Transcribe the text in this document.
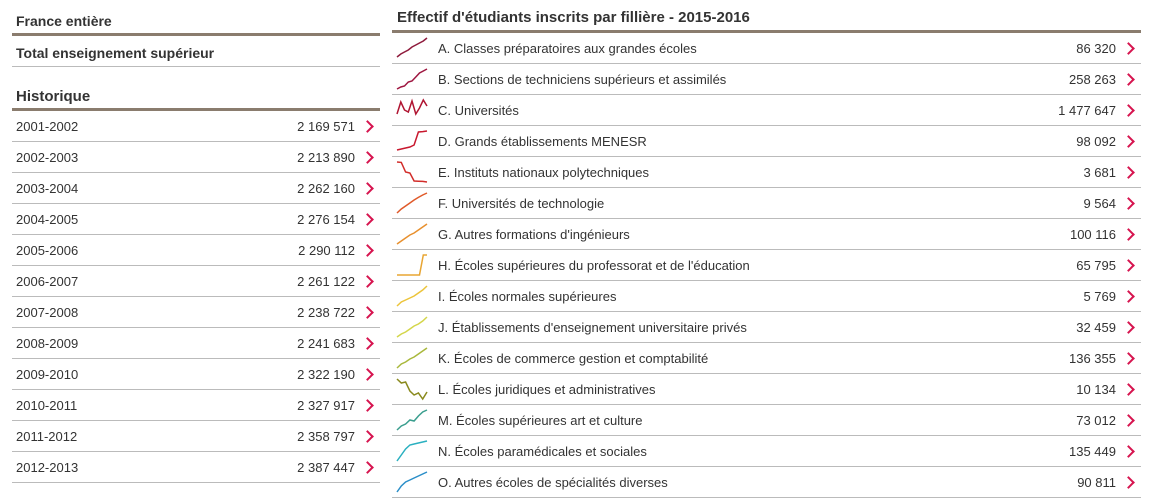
France entière
Total enseignement supérieur
Historique
2001-2002	2 169 571
2002-2003	2 213 890
2003-2004	2 262 160
2004-2005	2 276 154
2005-2006	2 290 112
2006-2007	2 261 122
2007-2008	2 238 722
2008-2009	2 241 683
2009-2010	2 322 190
2010-2011	2 327 917
2011-2012	2 358 797
2012-2013	2 387 447
Effectif d'étudiants inscrits par fillière - 2015-2016
A. Classes préparatoires aux grandes écoles	86 320
B. Sections de techniciens supérieurs et assimilés	258 263
C. Universités	1 477 647
D. Grands établissements MENESR	98 092
E. Instituts nationaux polytechniques	3 681
F. Universités de technologie	9 564
G. Autres formations d'ingénieurs	100 116
H. Écoles supérieures du professorat et de l'éducation	65 795
I. Écoles normales supérieures	5 769
J. Établissements d'enseignement universitaire privés	32 459
K. Écoles de commerce gestion et comptabilité	136 355
L. Écoles juridiques et administratives	10 134
M. Écoles supérieures art et culture	73 012
N. Écoles paramédicales et sociales	135 449
O. Autres écoles de spécialités diverses	90 811
